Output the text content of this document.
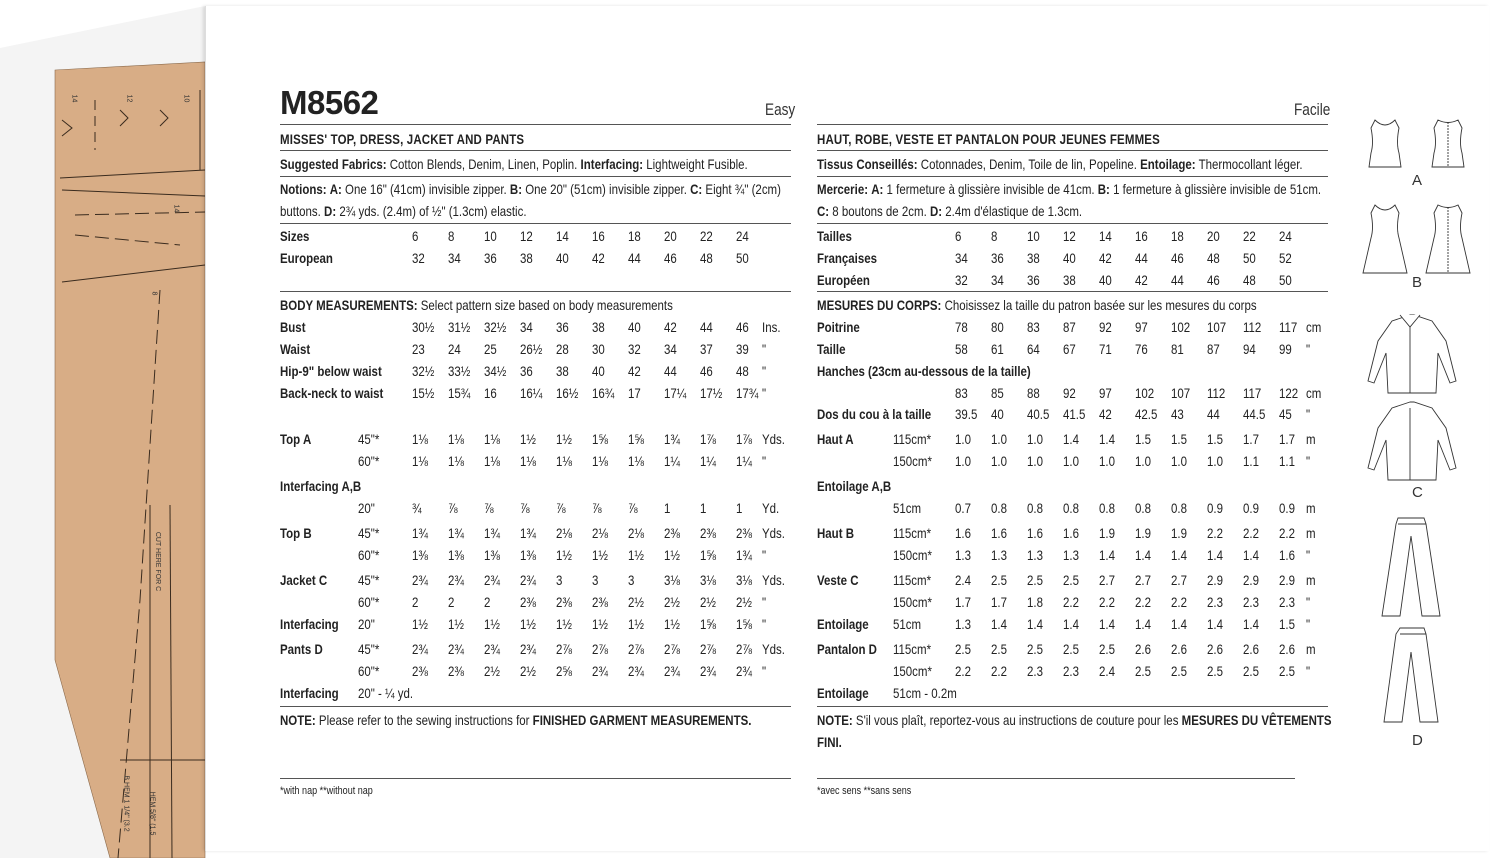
14	12	10
14
8
CUT HERE FOR C
B HEM 1 1/4" (3.2	HEM 5/8" (1.5
M8562	Easy
MISSES' TOP, DRESS, JACKET AND PANTS
Suggested Fabrics: Cotton Blends, Denim, Linen, Poplin. Interfacing: Lightweight Fusible.
Notions: A: One 16" (41cm) invisible zipper. B: One 20" (51cm) invisible zipper. C: Eight ¾" (2cm)
buttons. D: 2¾ yds. (2.4m) of ½" (1.3cm) elastic.
Sizes	6 8 10 12 14 16 18 20 22 24
European	32 34 36 38 40 42 44 46 48 50
BODY MEASUREMENTS: Select pattern size based on body measurements
Bust	30½ 31½ 32½ 34 36 38 40 42 44 46 Ins.
Waist	23 24 25 26½ 28 30 32 34 37 39 "
Hip-9" below waist 32½ 33½ 34½ 36 38 40 42 44 46 48 "
Back-neck to waist 15½ 15¾ 16 16¼ 16½ 16¾ 17 17¼ 17½ 17¾ "
Top A	45"* 1⅛ 1⅛ 1⅛ 1½ 1½ 1⅝ 1⅝ 1¾ 1⅞ 1⅞ Yds.
60"* 1⅛ 1⅛ 1⅛ 1⅛ 1⅛ 1⅛ 1⅛ 1¼ 1¼ 1¼ "
Interfacing A,B
20"	¾ ⅞ ⅞ ⅞ ⅞ ⅞ ⅞ 1 1 1 Yd.
Top B	45"* 1¾ 1¾ 1¾ 1¾ 2⅛ 2⅛ 2⅛ 2⅜ 2⅜ 2⅜ Yds.
60"* 1⅜ 1⅜ 1⅜ 1⅜ 1½ 1½ 1½ 1½ 1⅝ 1¾ "
Jacket C 45"* 2¾ 2¾ 2¾ 2¾ 3 3 3 3⅛ 3⅛ 3⅛ Yds.
60"* 2 2 2 2⅜ 2⅜ 2⅜ 2½ 2½ 2½ 2½ "
Interfacing 20"	1½ 1½ 1½ 1½ 1½ 1½ 1½ 1½ 1⅝ 1⅝ "
Pants D	45"* 2¾ 2¾ 2¾ 2¾ 2⅞ 2⅞ 2⅞ 2⅞ 2⅞ 2⅞ Yds.
60"* 2⅜ 2⅜ 2½ 2½ 2⅝ 2¾ 2¾ 2¾ 2¾ 2¾ "
Interfacing 20" - ¼ yd.
NOTE: Please refer to the sewing instructions for FINISHED GARMENT MEASUREMENTS.
*with nap **without nap
Facile
HAUT, ROBE, VESTE ET PANTALON POUR JEUNES FEMMES
Tissus Conseillés: Cotonnades, Denim, Toile de lin, Popeline. Entoilage: Thermocollant léger.
Mercerie: A: 1 fermeture à glissière invisible de 41cm. B: 1 fermeture à glissière invisible de 51cm.
C: 8 boutons de 2cm. D: 2.4m d'élastique de 1.3cm.
Tailles	6 8 10 12 14 16 18 20 22 24
Françaises	34 36 38 40 42 44 46 48 50 52
Européen	32 34 36 38 40 42 44 46 48 50
MESURES DU CORPS: Choisissez la taille du patron basée sur les mesures du corps
Poitrine	78 80 83 87 92 97 102 107 112 117 cm
Taille	58 61 64 67 71 76 81 87 94 99 "
Hanches (23cm au-dessous de la taille)
83 85 88 92 97 102 107 112 117 122 cm
Dos du cou à la taille 39.5 40 40.5 41.5 42 42.5 43 44 44.5 45 "
Haut A	115cm* 1.0 1.0 1.0 1.4 1.4 1.5 1.5 1.5 1.7 1.7 m
150cm* 1.0 1.0 1.0 1.0 1.0 1.0 1.0 1.0 1.1 1.1 "
Entoilage A,B
51cm 0.7 0.8 0.8 0.8 0.8 0.8 0.8 0.9 0.9 0.9 m
Haut B	115cm* 1.6 1.6 1.6 1.6 1.9 1.9 1.9 2.2 2.2 2.2 m
150cm* 1.3 1.3 1.3 1.3 1.4 1.4 1.4 1.4 1.4 1.6 "
Veste C 115cm* 2.4 2.5 2.5 2.5 2.7 2.7 2.7 2.9 2.9 2.9 m
150cm* 1.7 1.7 1.8 2.2 2.2 2.2 2.2 2.3 2.3 2.3 "
Entoilage 51cm 1.3 1.4 1.4 1.4 1.4 1.4 1.4 1.4 1.4 1.5 "
Pantalon D 115cm* 2.5 2.5 2.5 2.5 2.5 2.6 2.6 2.6 2.6 2.6 m
150cm* 2.2 2.2 2.3 2.3 2.4 2.5 2.5 2.5 2.5 2.5 "
Entoilage 51cm - 0.2m
NOTE: S'il vous plaît, reportez-vous au instructions de couture pour les MESURES DU VÊTEMENTS
FINI.
*avec sens **sans sens
A
B
C
D
